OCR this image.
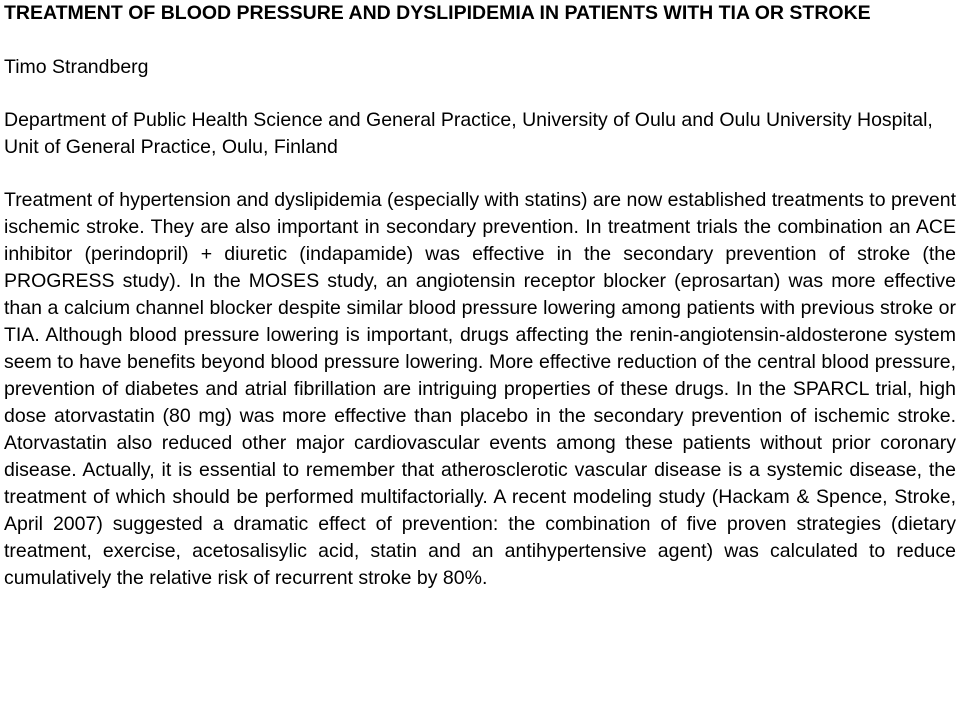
TREATMENT OF BLOOD PRESSURE AND DYSLIPIDEMIA IN PATIENTS WITH TIA OR STROKE

Timo Strandberg

Department of Public Health Science and General Practice, University of Oulu and Oulu University Hospital, Unit of General Practice, Oulu, Finland

Treatment of hypertension and dyslipidemia (especially with statins) are now established treatments to prevent ischemic stroke. They are also important in secondary prevention. In treatment trials the combination an ACE inhibitor (perindopril) + diuretic (indapamide) was effective in the secondary prevention of stroke (the PROGRESS study). In the MOSES study, an angiotensin receptor blocker (eprosartan) was more effective than a calcium channel blocker despite similar blood pressure lowering among patients with previous stroke or TIA. Although blood pressure lowering is important, drugs affecting the renin-angiotensin-aldosterone system seem to have benefits beyond blood pressure lowering. More effective reduction of the central blood pressure, prevention of diabetes and atrial fibrillation are intriguing properties of these drugs. In the SPARCL trial, high dose atorvastatin (80 mg) was more effective than placebo in the secondary prevention of ischemic stroke. Atorvastatin also reduced other major cardiovascular events among these patients without prior coronary disease. Actually, it is essential to remember that atherosclerotic vascular disease is a systemic disease, the treatment of which should be performed multifactorially. A recent modeling study (Hackam & Spence, Stroke, April 2007) suggested a dramatic effect of prevention: the combination of five proven strategies (dietary treatment, exercise, acetosalisylic acid, statin and an antihypertensive agent) was calculated to reduce cumulatively the relative risk of recurrent stroke by 80%.
